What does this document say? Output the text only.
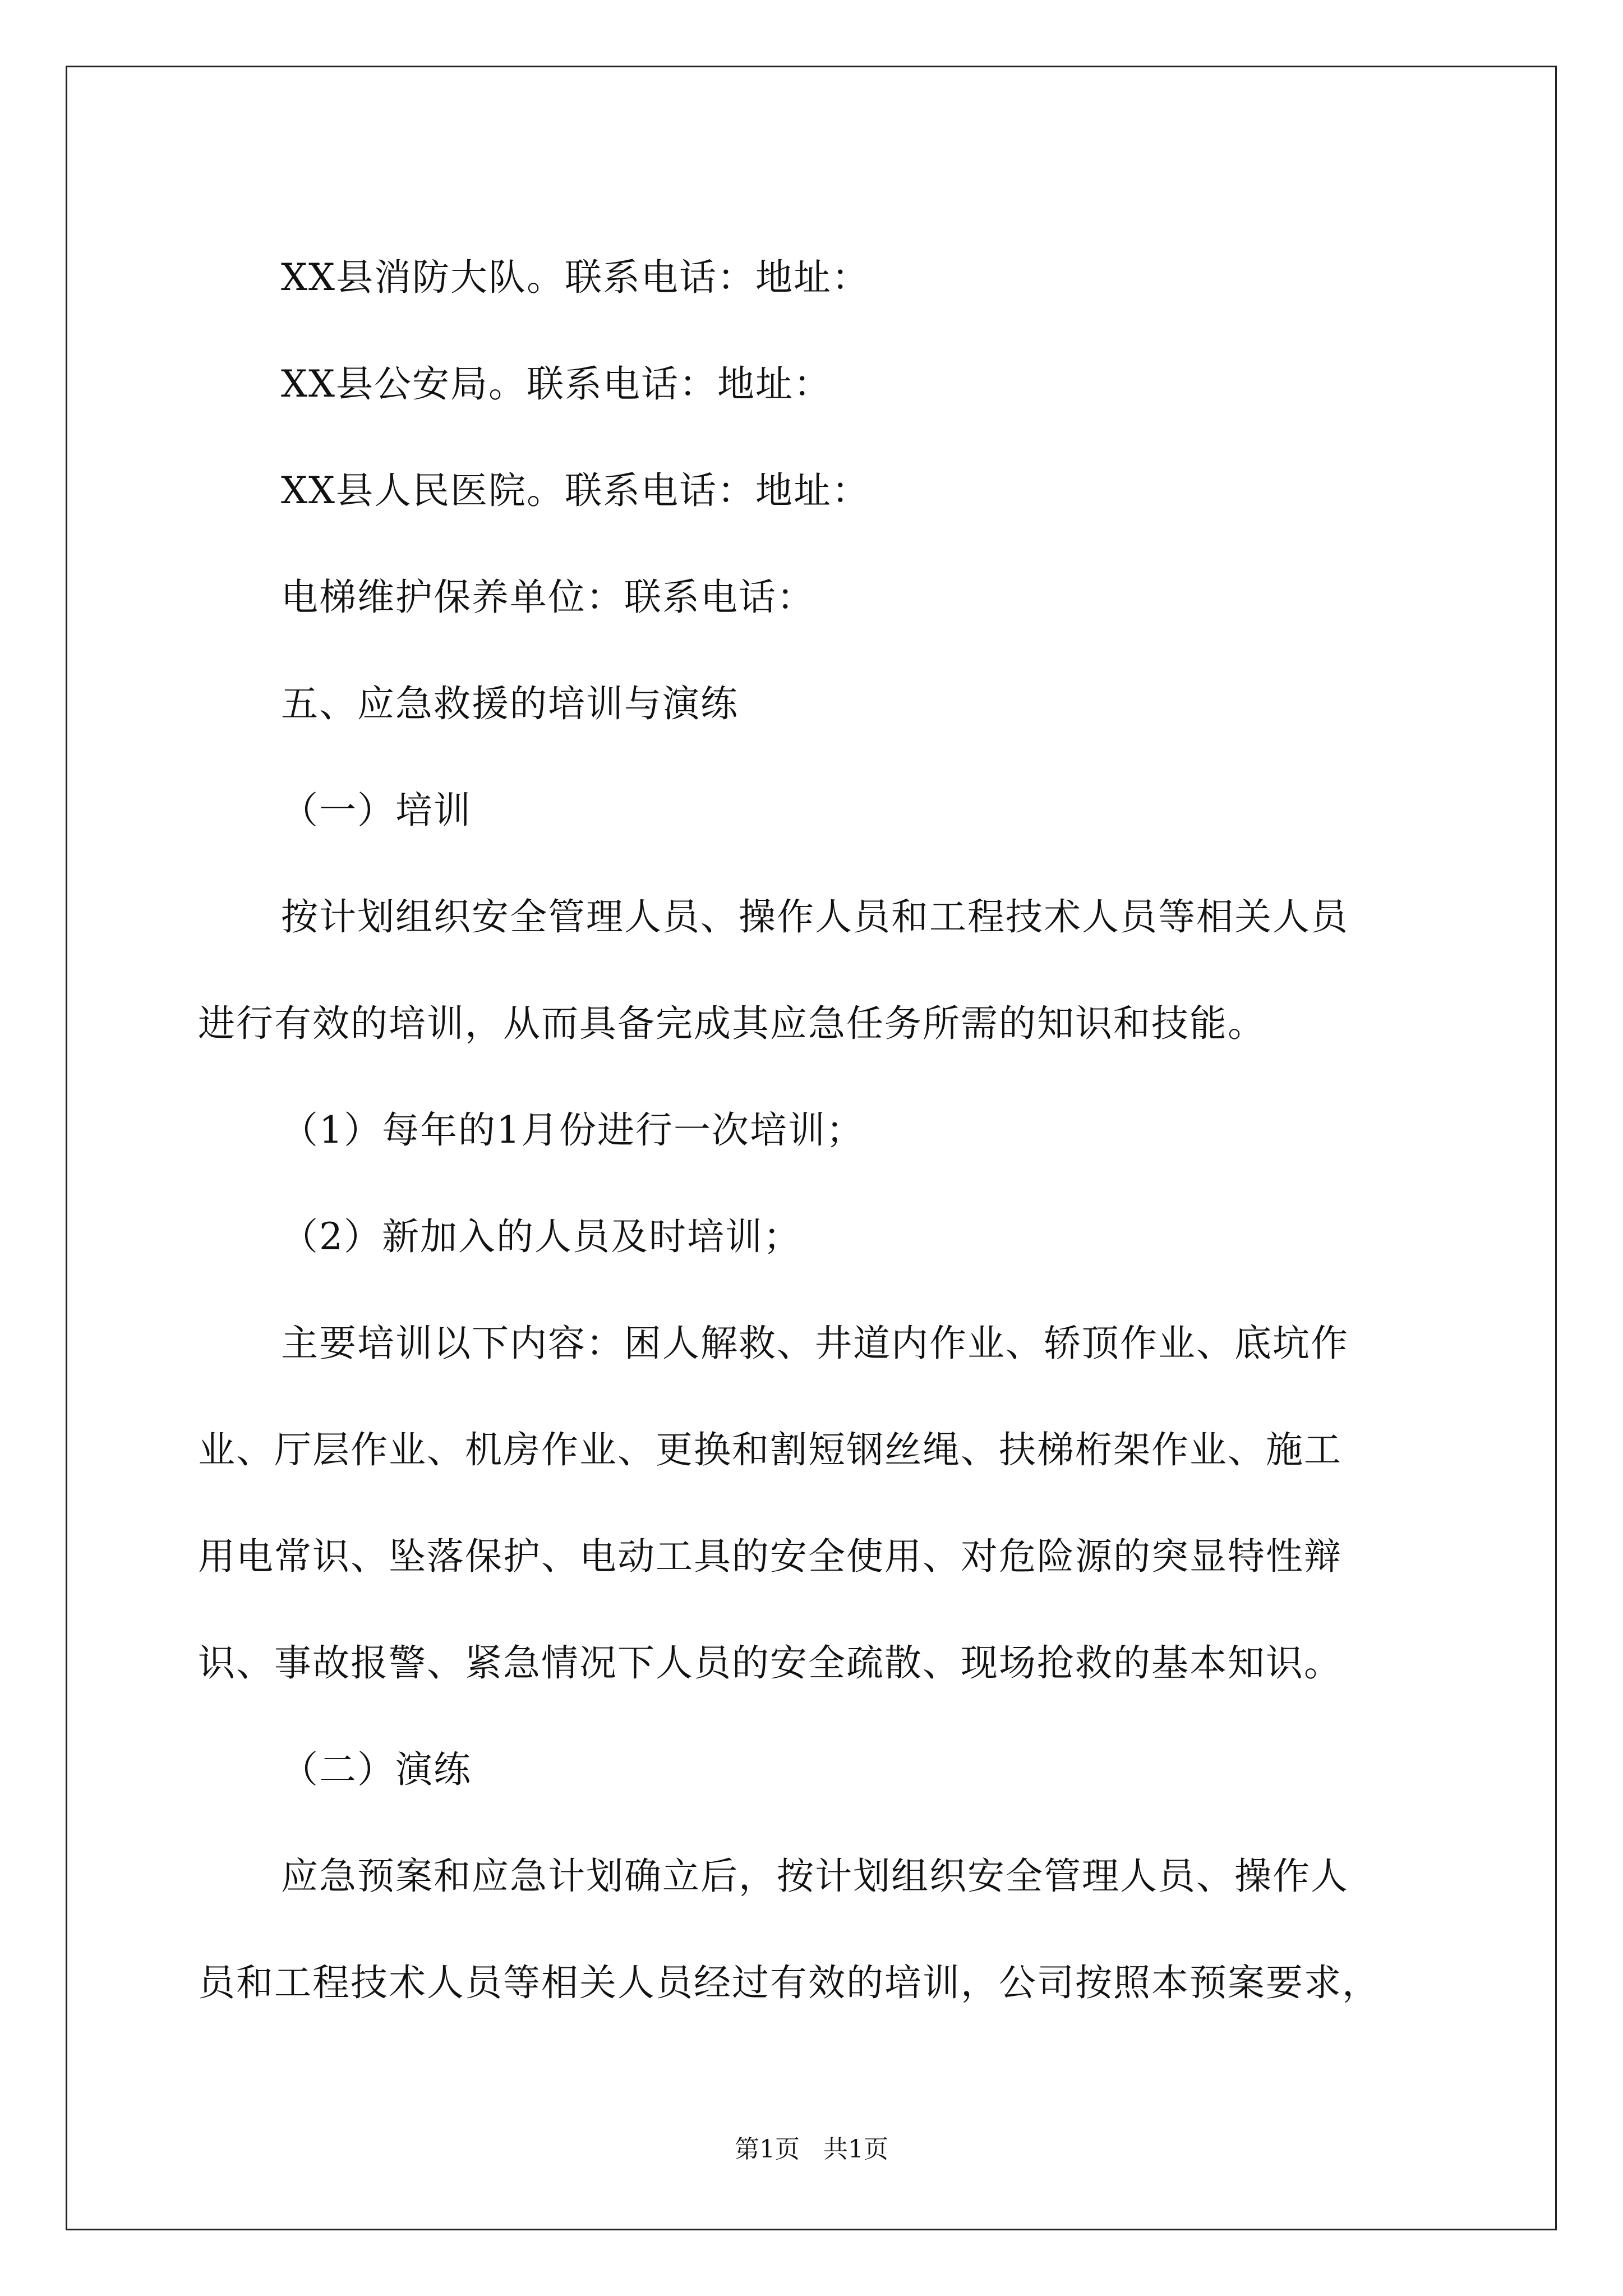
XX县消防大队。联系电话：地址：

XX县公安局。联系电话：地址：

XX县人民医院。联系电话：地址：

电梯维护保养单位：联系电话：

五、应急救援的培训与演练

（一）培训

按计划组织安全管理人员、操作人员和工程技术人员等相关人员

进行有效的培训，从而具备完成其应急任务所需的知识和技能。

（1）每年的1月份进行一次培训；

（2）新加入的人员及时培训；

主要培训以下内容：困人解救、井道内作业、轿顶作业、底坑作

业、厅层作业、机房作业、更换和割短钢丝绳、扶梯桁架作业、施工

用电常识、坠落保护、电动工具的安全使用、对危险源的突显特性辩

识、事故报警、紧急情况下人员的安全疏散、现场抢救的基本知识。

（二）演练

应急预案和应急计划确立后，按计划组织安全管理人员、操作人

员和工程技术人员等相关人员经过有效的培训，公司按照本预案要求，

第1页   共1页
